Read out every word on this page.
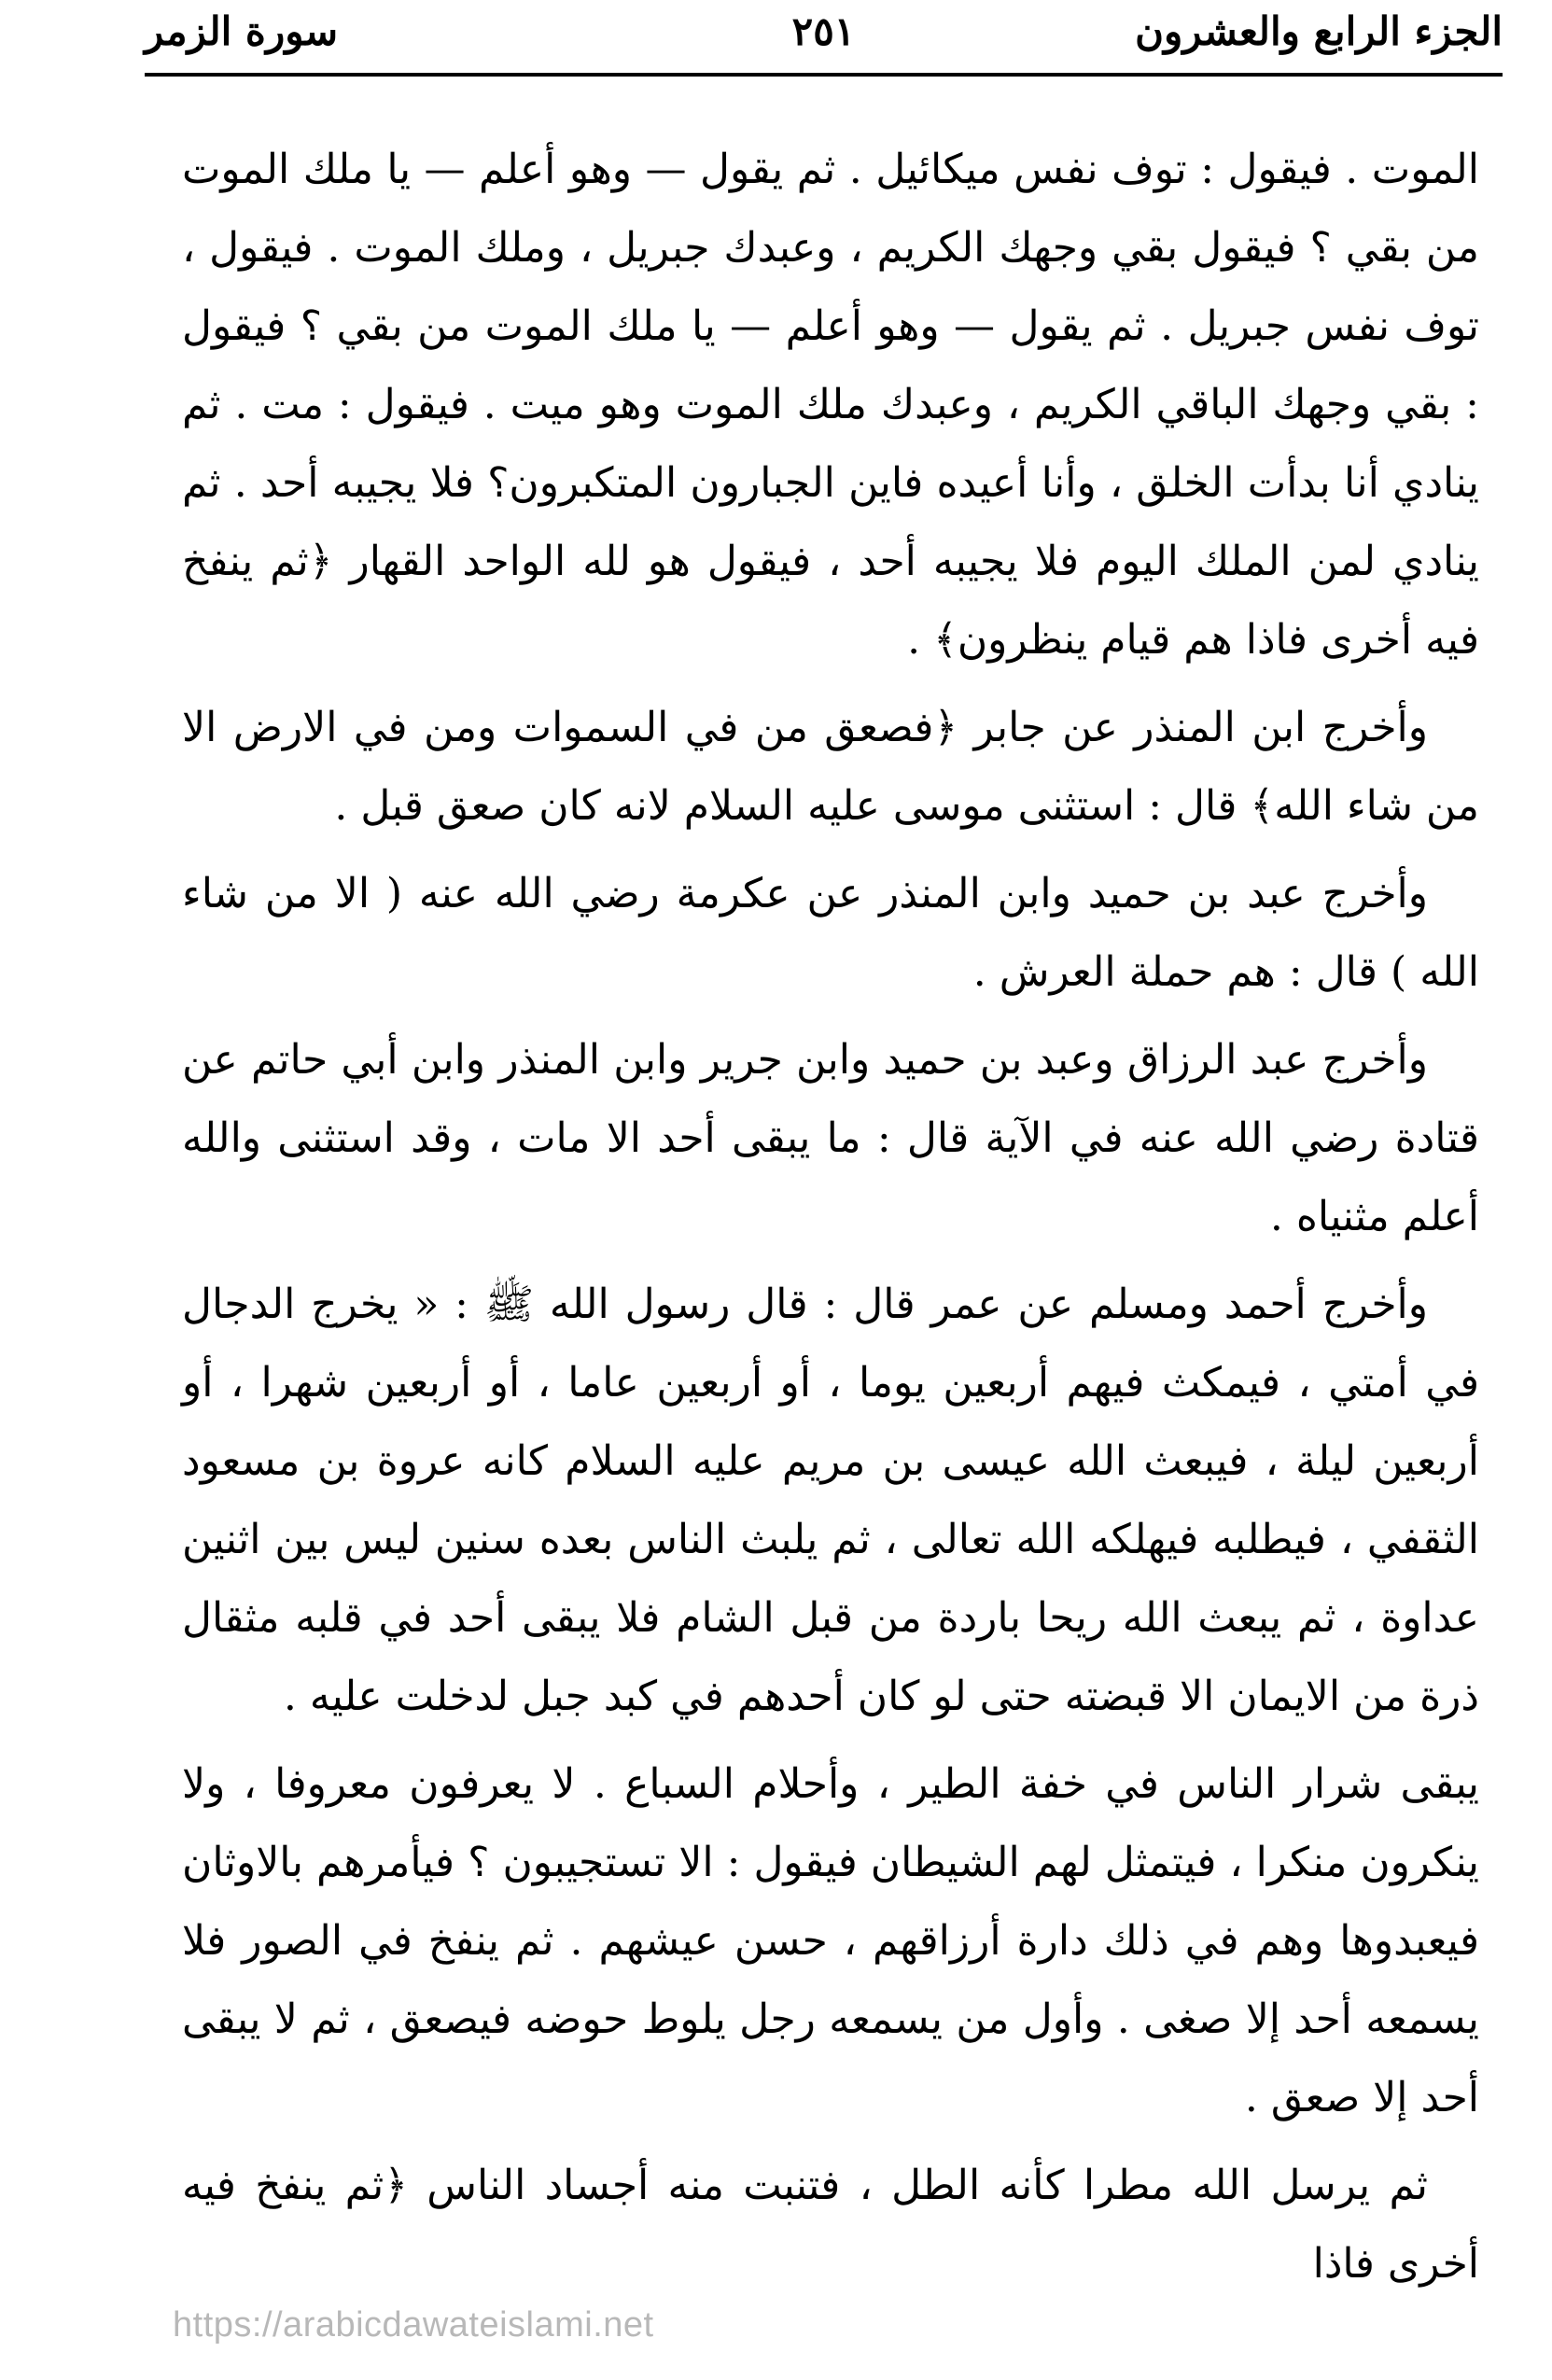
سورة الزمر	٢٥١	الجزء الرابع والعشرون

الموت . فيقول : توف نفس ميكائيل . ثم يقول — وهو أعلم — يا ملك الموت من بقي ؟ فيقول بقي وجهك الكريم ، وعبدك جبريل ، وملك الموت . فيقول ، توف نفس جبريل . ثم يقول — وهو أعلم — يا ملك الموت من بقي ؟ فيقول : بقي وجهك الباقي الكريم ، وعبدك ملك الموت وهو ميت . فيقول : مت . ثم ينادي أنا بدأت الخلق ، وأنا أعيده فاين الجبارون المتكبرون؟ فلا يجيبه أحد . ثم ينادي لمن الملك اليوم فلا يجيبه أحد ، فيقول هو لله الواحد القهار ﴿ثم ينفخ فيه أخرى فاذا هم قيام ينظرون﴾ .

وأخرج ابن المنذر عن جابر ﴿فصعق من في السموات ومن في الارض الا من شاء الله﴾ قال : استثنى موسى عليه السلام لانه كان صعق قبل .

وأخرج عبد بن حميد وابن المنذر عن عكرمة رضي الله عنه ( الا من شاء الله ) قال : هم حملة العرش .

وأخرج عبد الرزاق وعبد بن حميد وابن جرير وابن المنذر وابن أبي حاتم عن قتادة رضي الله عنه في الآية قال : ما يبقى أحد الا مات ، وقد استثنى والله أعلم مثنياه .

وأخرج أحمد ومسلم عن عمر قال : قال رسول الله ﷺ : « يخرج الدجال في أمتي ، فيمكث فيهم أربعين يوما ، أو أربعين عاما ، أو أربعين شهرا ، أو أربعين ليلة ، فيبعث الله عيسى بن مريم عليه السلام كانه عروة بن مسعود الثقفي ، فيطلبه فيهلكه الله تعالى ، ثم يلبث الناس بعده سنين ليس بين اثنين عداوة ، ثم يبعث الله ريحا باردة من قبل الشام فلا يبقى أحد في قلبه مثقال ذرة من الايمان الا قبضته حتى لو كان أحدهم في كبد جبل لدخلت عليه .

يبقى شرار الناس في خفة الطير ، وأحلام السباع . لا يعرفون معروفا ، ولا ينكرون منكرا ، فيتمثل لهم الشيطان فيقول : الا تستجيبون ؟ فيأمرهم بالاوثان فيعبدوها وهم في ذلك دارة أرزاقهم ، حسن عيشهم . ثم ينفخ في الصور فلا يسمعه أحد إلا صغى . وأول من يسمعه رجل يلوط حوضه فيصعق ، ثم لا يبقى أحد إلا صعق .

ثم يرسل الله مطرا كأنه الطل ، فتنبت منه أجساد الناس ﴿ثم ينفخ فيه أخرى فاذا

https://arabicdawateislami.net
